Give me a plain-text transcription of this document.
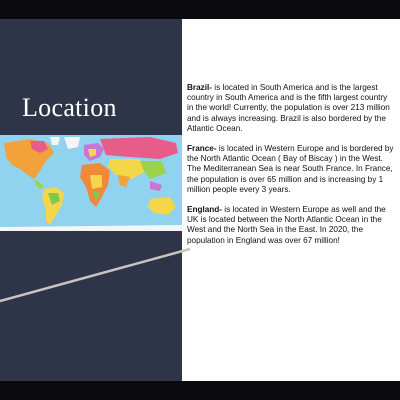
Location

Brazil- is located in South America and is the largest country in South America and is the fifth largest country in the world! Currently, the population is over 213 million and is always increasing. Brazil is also bordered by the Atlantic Ocean.

France- is located in Western Europe and is bordered by the North Atlantic Ocean ( Bay of Biscay ) in the West. The Mediterranean Sea is near South France. In France, the population is over 65 million and is increasing by 1 million people every 3 years.

England- is located in Western Europe as well and the UK is located between the North Atlantic Ocean in the West and the North Sea in the East. In 2020, the population in England was over 67 million!
